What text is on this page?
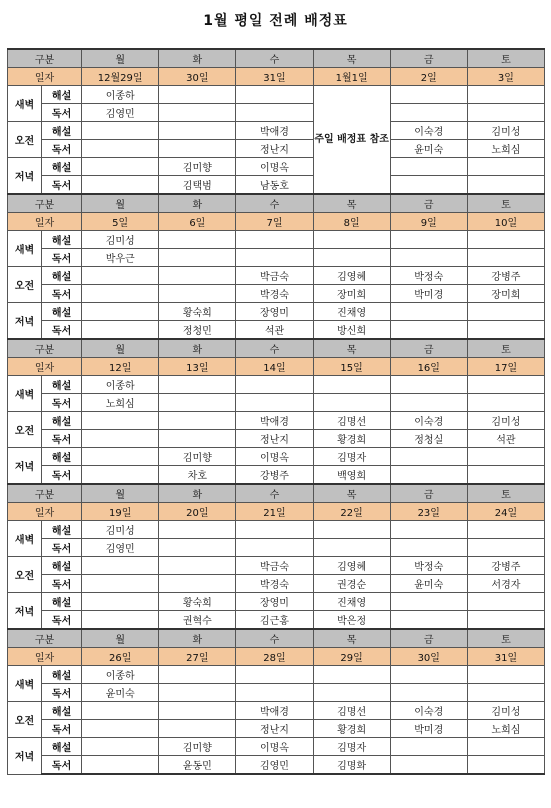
1월 평일 전례 배정표
구분		월	화	수	목	금	토
일자		12월29일	30일	31일	1월1일	2일	3일
새벽	해설	이종하			주일 배정표 참조		
	독서	김영민					
오전	해설			박애경		이숙경	김미성
	독서			정난지		윤미숙	노희심
저녁	해설		김미향	이명옥			
	독서		김택범	남동호			
구분		월	화	수	목	금	토
일자		5일	6일	7일	8일	9일	10일
새벽	해설	김미성					
	독서	박우근					
오전	해설			박금숙	김영혜	박정숙	강병주
	독서			박경숙	장미희	박미경	장미희
저녁	해설		황숙희	장영미	진채영		
	독서		정청민	석관	방신희		
구분		월	화	수	목	금	토
일자		12일	13일	14일	15일	16일	17일
새벽	해설	이종하					
	독서	노희심					
오전	해설			박애경	김명선	이숙경	김미성
	독서			정난지	황경희	정청실	석관
저녁	해설		김미향	이명옥	김명자		
	독서		차호	강병주	백영희		
구분		월	화	수	목	금	토
일자		19일	20일	21일	22일	23일	24일
새벽	해설	김미성					
	독서	김영민					
오전	해설			박금숙	김영혜	박정숙	강병주
	독서			박경숙	권경순	윤미숙	서경자
저녁	해설		황숙희	장영미	진채영		
	독서		권혁수	김근홍	박은정		
구분		월	화	수	목	금	토
일자		26일	27일	28일	29일	30일	31일
새벽	해설	이종하					
	독서	윤미숙					
오전	해설			박애경	김명선	이숙경	김미성
	독서			정난지	황경희	박미경	노희심
저녁	해설		김미향	이명옥	김명자		
	독서		윤동민	김영민	김명화		
